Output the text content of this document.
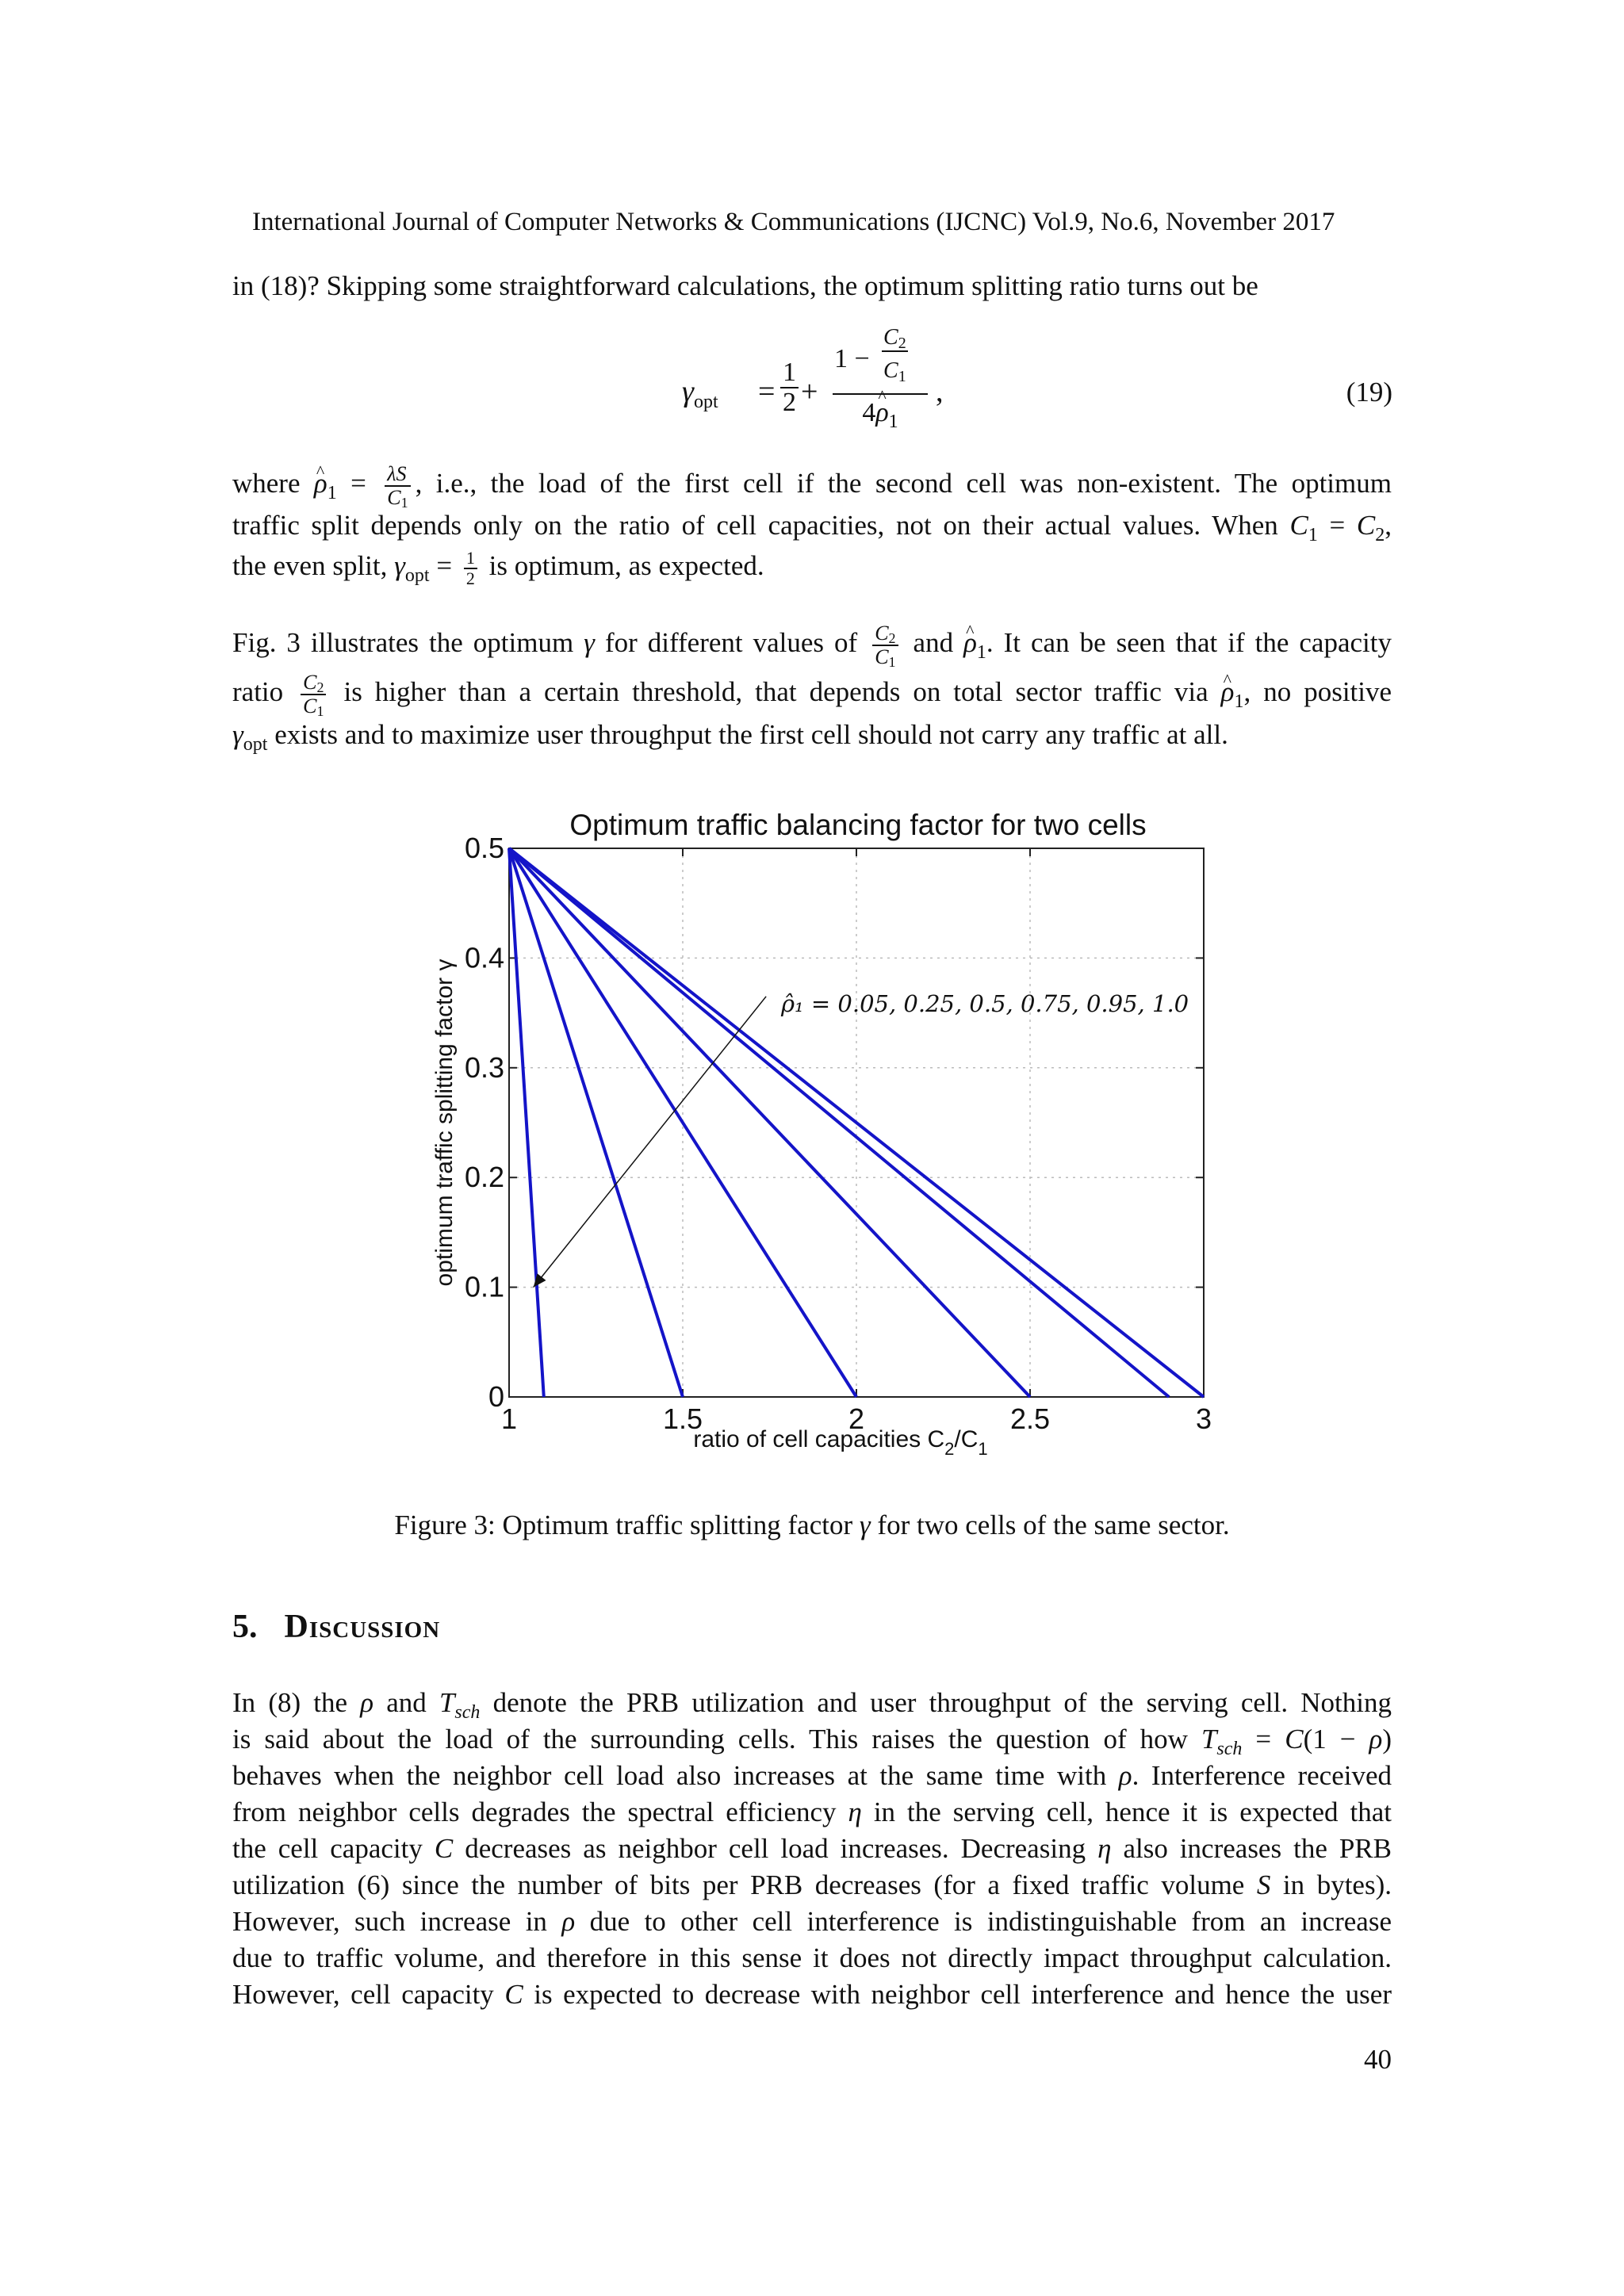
International Journal of Computer Networks & Communications (IJCNC) Vol.9, No.6, November 2017
in (18)? Skipping some straightforward calculations, the optimum splitting ratio turns out be
$\gamma_{opt} = \frac{1}{2}$ +
1 −
$C_2$
$C_1$
4^ $\rho_1$
,	(19)
where ^ $\rho_1 = \frac{\lambda S}{C_1}$ , i.e., the load of the first cell if the second cell was non-existent. The optimum
traffic split depends only on the ratio of cell capacities, not on their actual values. When $C_1 = C_2$,
the even split, $\gamma_{opt} = \frac{1}{2}$ is optimum, as expected.
Fig. 3 illustrates the optimum γ for different values of $\frac{C_2}{C_1}$ and ^ $\rho_1$. It can be seen that if the capacity
ratio $\frac{C_2}{C_1}$ is higher than a certain threshold, that depends on total sector traffic via ^ $\rho_1$, no positive
$\gamma_{opt}$ exists and to maximize user throughput the first cell should not carry any traffic at all.
Optimum traffic balancing factor for two cells
1	1.5	2	2.5	3
0
0.1
0.2
0.3
0.4
0.5
ρ̂₁ = 0.05, 0.25, 0.5, 0.75, 0.95, 1.0
optimum traffic splitting factor γ
ratio of cell capacities $C_2/C_1$
Figure 3: Optimum traffic splitting factor γ for two cells of the same sector.
5. Discussion
In (8) the ρ and $T_{sch}$ denote the PRB utilization and user throughput of the serving cell. Nothing
is said about the load of the surrounding cells. This raises the question of how $T_{sch} = C(1 - \rho)$
behaves when the neighbor cell load also increases at the same time with ρ. Interference received
from neighbor cells degrades the spectral efficiency η in the serving cell, hence it is expected that
the cell capacity C decreases as neighbor cell load increases. Decreasing η also increases the PRB
utilization (6) since the number of bits per PRB decreases (for a fixed traffic volume S in bytes).
However, such increase in ρ due to other cell interference is indistinguishable from an increase
due to traffic volume, and therefore in this sense it does not directly impact throughput calculation.
However, cell capacity C is expected to decrease with neighbor cell interference and hence the user
40
